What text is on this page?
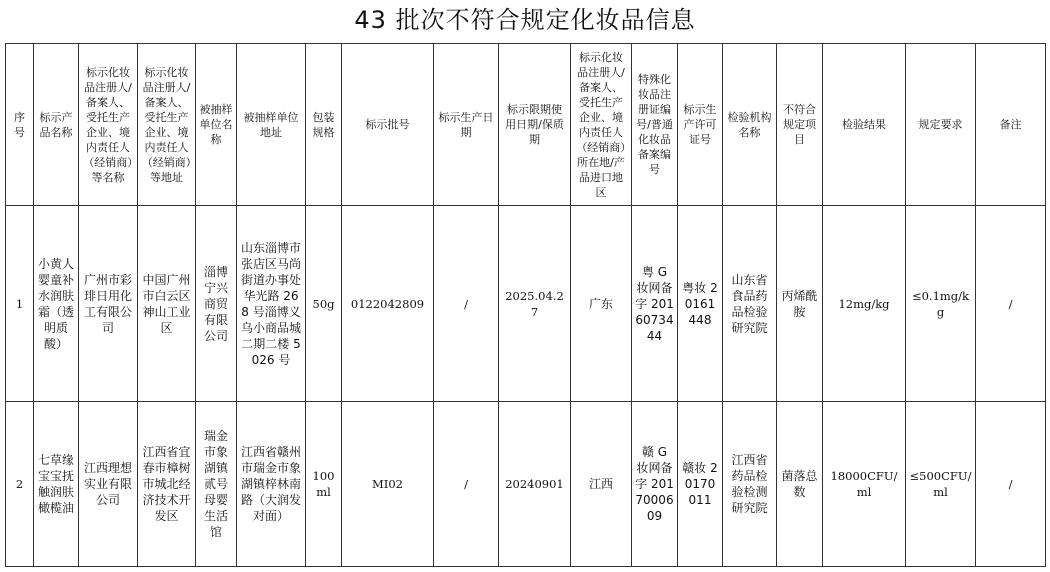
43 批次不符合规定化妆品信息
序号	标示产品名称	标示化妆品注册人/备案人、受托生产企业、境内责任人（经销商）等名称	标示化妆品注册人/备案人、受托生产企业、境内责任人（经销商）等地址	被抽样单位名称	被抽样单位地址	包装规格	标示批号	标示生产日期	标示限期使用日期/保质期	标示化妆品注册人/备案人、受托生产企业、境内责任人（经销商）所在地/产品进口地区	特殊化妆品注册证编号/普通化妆品备案编号	标示生产许可证号	检验机构名称	不符合规定项目	检验结果	规定要求	备注
1	小黄人婴童补水润肤霜（透明质酸）	广州市彩琲日用化工有限公司	中国广州市白云区神山工业区	淄博宁兴商贸有限公司	山东淄博市张店区马尚街道办事处华光路 268 号淄博义乌小商品城二期二楼 5026 号	50g	0122042809	/	2025.04.27	广东	粤 G 妆网备字 2016073444	粤妆 20161448	山东省食品药品检验研究院	丙烯酰胺	12mg/kg	≤0.1mg/kg	/
2	七草缘宝宝抚触润肤橄榄油	江西理想实业有限公司	江西省宜春市樟树市城北经济技术开发区	瑞金市象湖镇贰号母婴生活馆	江西省赣州市瑞金市象湖镇梓林南路（大润发对面）	100ml	MI02	/	20240901	江西	赣 G 妆网备字 2017000609	赣妆 20170011	江西省药品检验检测研究院	菌落总数	18000CFU/ml	≤500CFU/ml	/
